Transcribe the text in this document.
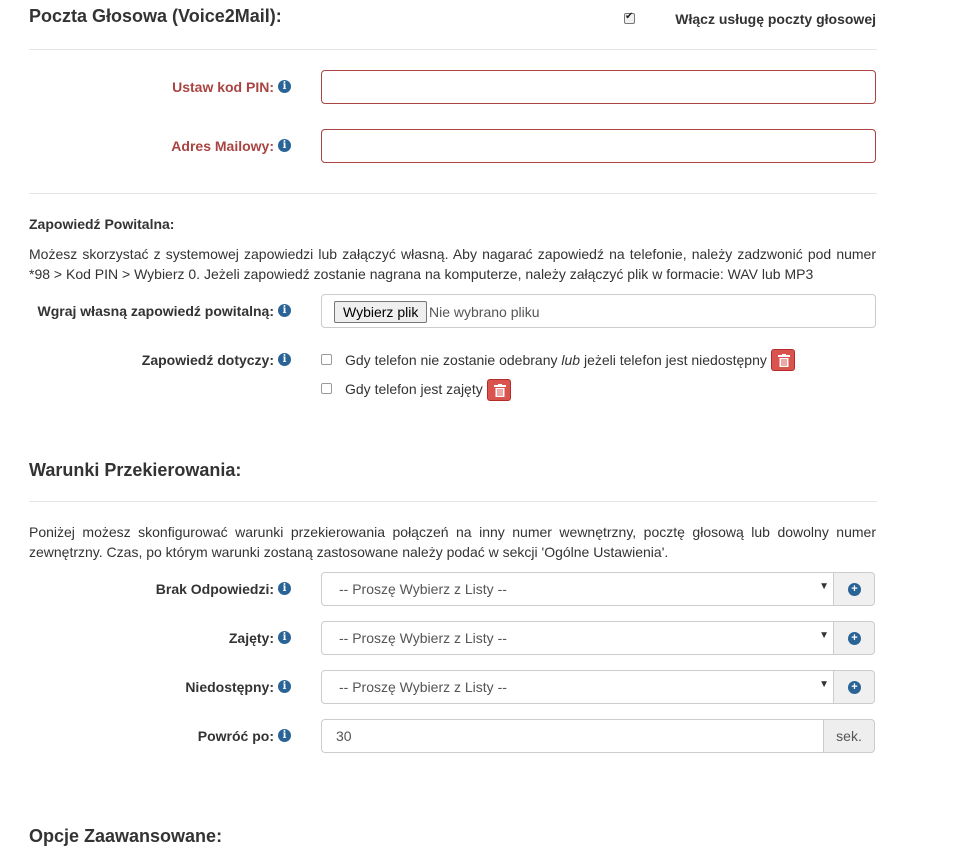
Poczta Głosowa (Voice2Mail):
✔	Włącz usługę poczty głosowej
Ustaw kod PIN: i
Adres Mailowy: i
Zapowiedź Powitalna:
Możesz skorzystać z systemowej zapowiedzi lub załączyć własną. Aby nagarać zapowiedź na telefonie, należy zadzwonić pod numer *98 > Kod PIN > Wybierz 0. Jeżeli zapowiedź zostanie nagrana na komputerze, należy załączyć plik w formacie: WAV lub MP3
Wgraj własną zapowiedź powitalną: i	Wybierz plik Nie wybrano pliku
Zapowiedź dotyczy: i	Gdy telefon nie zostanie odebrany lub jeżeli telefon jest niedostępny
Gdy telefon jest zajęty
Warunki Przekierowania:
Poniżej możesz skonfigurować warunki przekierowania połączeń na inny numer wewnętrzny, pocztę głosową lub dowolny numer zewnętrzny. Czas, po którym warunki zostaną zastosowane należy podać w sekcji 'Ogólne Ustawienia'.
Brak Odpowiedzi: i	-- Proszę Wybierz z Listy --	▼ +
Zajęty: i	-- Proszę Wybierz z Listy --	▼ +
Niedostępny: i	-- Proszę Wybierz z Listy --	▼ +
Powróć po: i	30	sek.
Opcje Zaawansowane:
